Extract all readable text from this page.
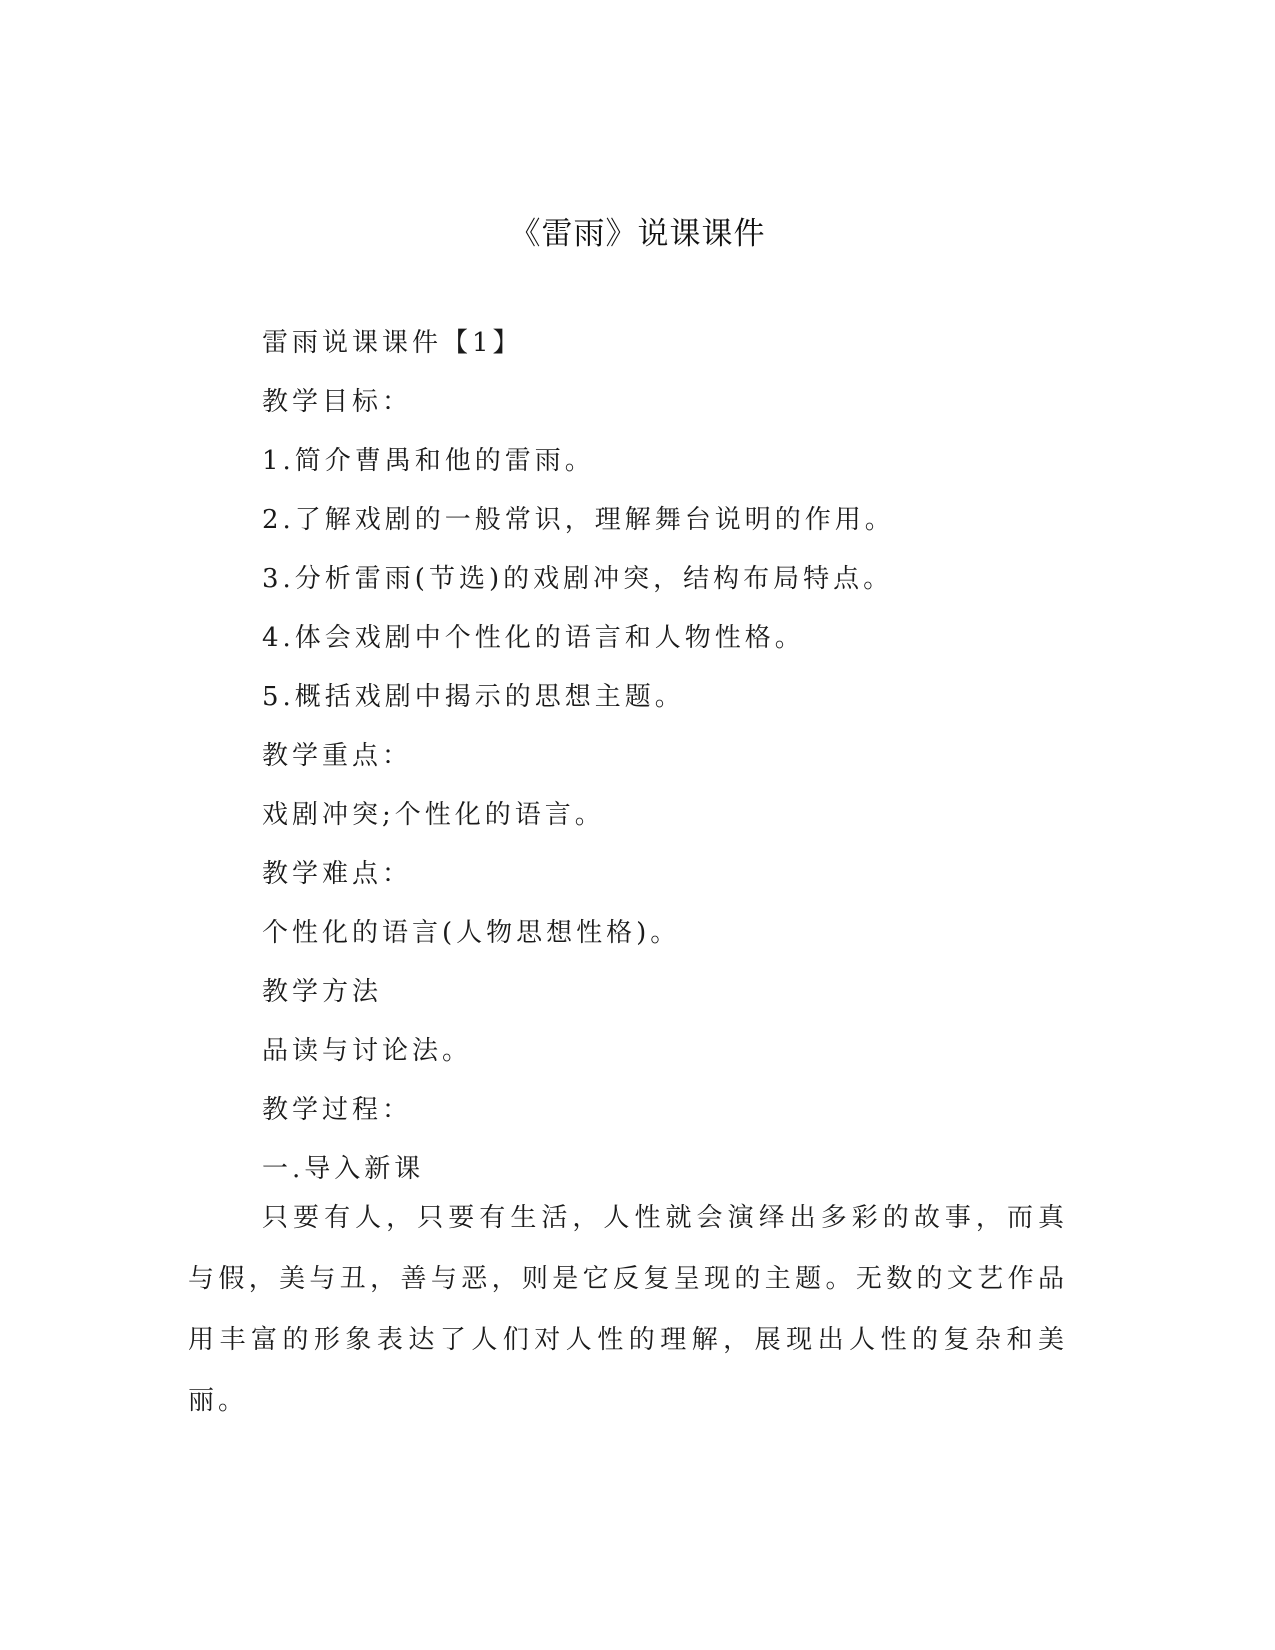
《雷雨》说课课件
雷雨说课课件【1】
教学目标：
1.简介曹禺和他的雷雨。
2.了解戏剧的一般常识，理解舞台说明的作用。
3.分析雷雨(节选)的戏剧冲突，结构布局特点。
4.体会戏剧中个性化的语言和人物性格。
5.概括戏剧中揭示的思想主题。
教学重点：
戏剧冲突;个性化的语言。
教学难点：
个性化的语言(人物思想性格)。
教学方法
品读与讨论法。
教学过程：
一.导入新课

只要有人，只要有生活，人性就会演绎出多彩的故事，而真与假，美与丑，善与恶，则是它反复呈现的主题。无数的文艺作品用丰富的形象表达了人们对人性的理解，展现出人性的复杂和美丽。
